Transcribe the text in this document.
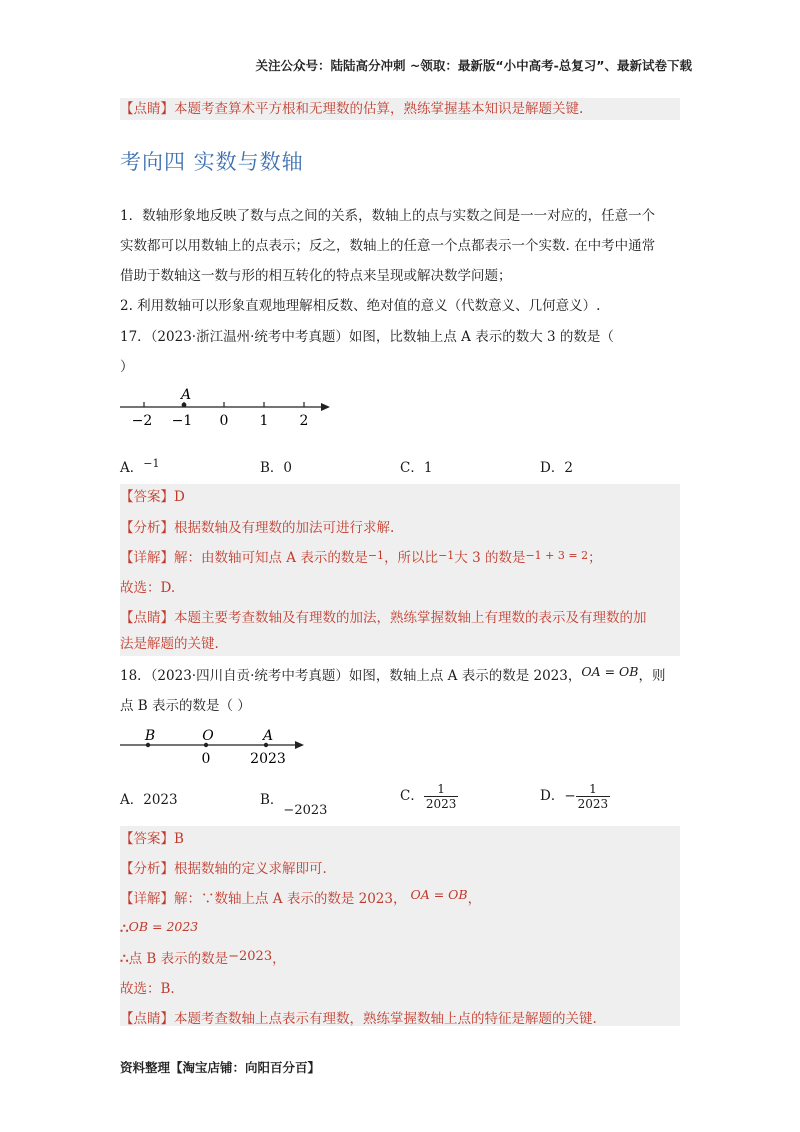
关注公众号：陆陆高分冲刺 ~领取：最新版“小中高考-总复习”、最新试卷下载
【点睛】本题考查算术平方根和无理数的估算，熟练掌握基本知识是解题关键.
考向四 实数与数轴
1．数轴形象地反映了数与点之间的关系，数轴上的点与实数之间是一一对应的，任意一个
实数都可以用数轴上的点表示；反之，数轴上的任意一个点都表示一个实数. 在中考中通常
借助于数轴这一数与形的相互转化的特点来呈现或解决数学问题；
2. 利用数轴可以形象直观地理解相反数、绝对值的意义（代数意义、几何意义）.
17．（2023·浙江温州·统考中考真题）如图，比数轴上点 A 表示的数大 3 的数是（
）
A
−2 −1 0 1 2
A．$^{-1}$	B．0	C．1	D．2
【答案】D
【分析】根据数轴及有理数的加法可进行求解.
【详解】解：由数轴可知点 A 表示的数是$^{-1}$，所以比$^{-1}$大 3 的数是$^{-1 + 3 = 2}$；
故选：D.
【点睛】本题主要考查数轴及有理数的加法，熟练掌握数轴上有理数的表示及有理数的加
法是解题的关键.
18．（2023·四川自贡·统考中考真题）如图，数轴上点 A 表示的数是 2023，OA = OB，则
点 B 表示的数是（ ）
B	O	A
0	2023
A．2023	B．−2023
C． $\frac{1}{2023}$	D．− $\frac{1}{2023}$
【答案】B
【分析】根据数轴的定义求解即可.
【详解】解：∵数轴上点 A 表示的数是 2023， OA = OB，
∴OB = 2023
∴点 B 表示的数是−2023，
故选：B.
【点睛】本题考查数轴上点表示有理数，熟练掌握数轴上点的特征是解题的关键.
资料整理【淘宝店铺：向阳百分百】
